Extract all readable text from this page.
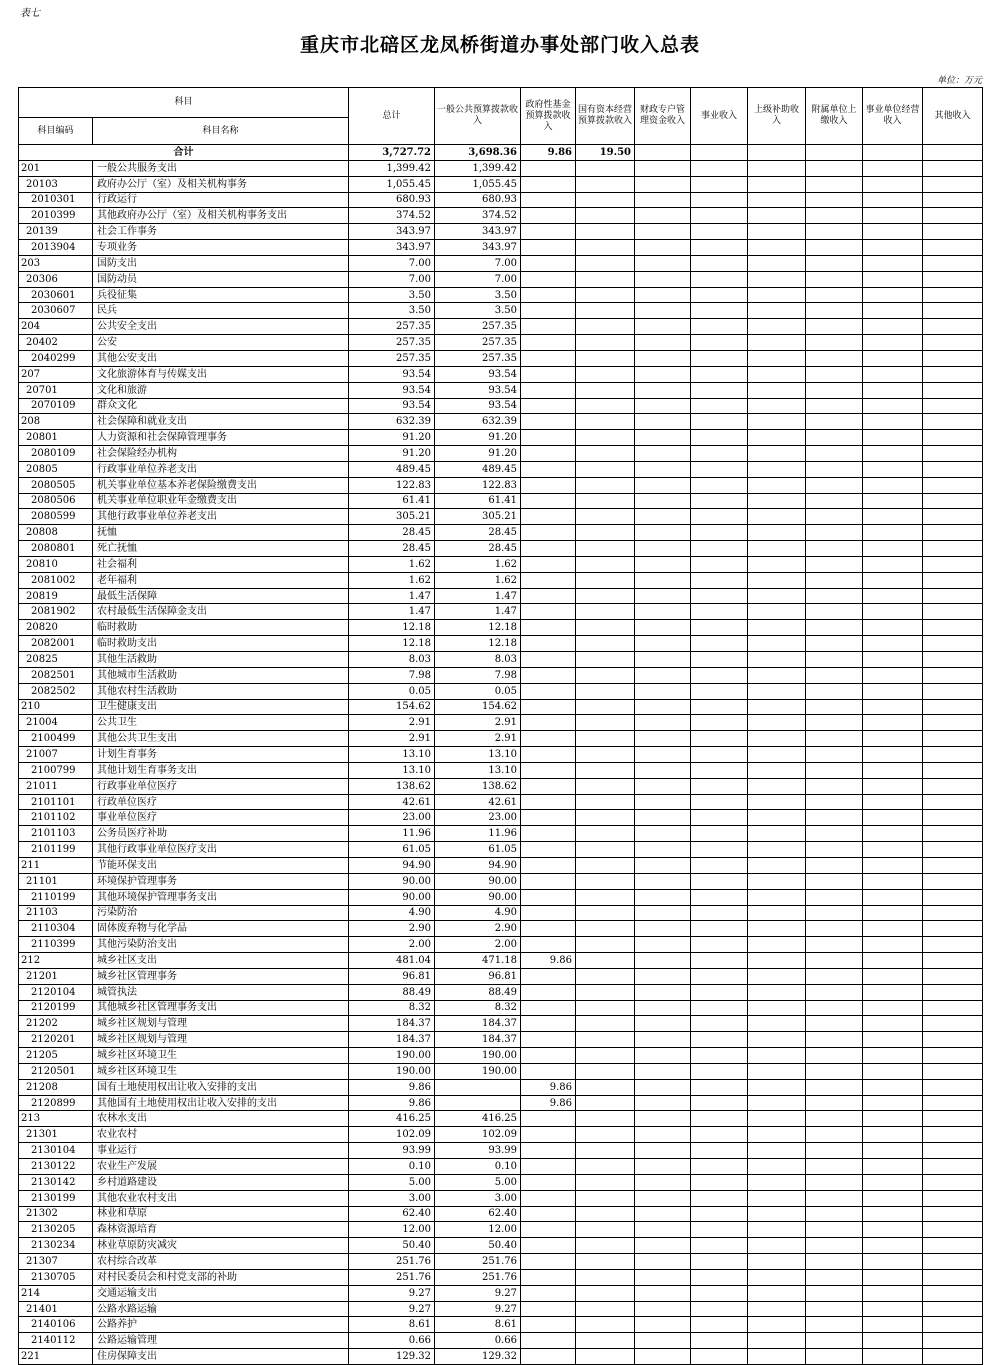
表七
重庆市北碚区龙凤桥街道办事处部门收入总表
单位：万元
科目		总计	一般公共预算拨款收入	政府性基金预算拨款收入	国有资本经营预算拨款收入	财政专户管理资金收入	事业收入	上级补助收入	附属单位上缴收入	事业单位经营收入	其他收入
科目编码	科目名称										
合计		3,727.72	3,698.36	9.86	19.50						
201	一般公共服务支出	1,399.42	1,399.42								
20103	政府办公厅（室）及相关机构事务	1,055.45	1,055.45								
2010301	行政运行	680.93	680.93								
2010399	其他政府办公厅（室）及相关机构事务支出	374.52	374.52								
20139	社会工作事务	343.97	343.97								
2013904	专项业务	343.97	343.97								
203	国防支出	7.00	7.00								
20306	国防动员	7.00	7.00								
2030601	兵役征集	3.50	3.50								
2030607	民兵	3.50	3.50								
204	公共安全支出	257.35	257.35								
20402	公安	257.35	257.35								
2040299	其他公安支出	257.35	257.35								
207	文化旅游体育与传媒支出	93.54	93.54								
20701	文化和旅游	93.54	93.54								
2070109	群众文化	93.54	93.54								
208	社会保障和就业支出	632.39	632.39								
20801	人力资源和社会保障管理事务	91.20	91.20								
2080109	社会保险经办机构	91.20	91.20								
20805	行政事业单位养老支出	489.45	489.45								
2080505	机关事业单位基本养老保险缴费支出	122.83	122.83								
2080506	机关事业单位职业年金缴费支出	61.41	61.41								
2080599	其他行政事业单位养老支出	305.21	305.21								
20808	抚恤	28.45	28.45								
2080801	死亡抚恤	28.45	28.45								
20810	社会福利	1.62	1.62								
2081002	老年福利	1.62	1.62								
20819	最低生活保障	1.47	1.47								
2081902	农村最低生活保障金支出	1.47	1.47								
20820	临时救助	12.18	12.18								
2082001	临时救助支出	12.18	12.18								
20825	其他生活救助	8.03	8.03								
2082501	其他城市生活救助	7.98	7.98								
2082502	其他农村生活救助	0.05	0.05								
210	卫生健康支出	154.62	154.62								
21004	公共卫生	2.91	2.91								
2100499	其他公共卫生支出	2.91	2.91								
21007	计划生育事务	13.10	13.10								
2100799	其他计划生育事务支出	13.10	13.10								
21011	行政事业单位医疗	138.62	138.62								
2101101	行政单位医疗	42.61	42.61								
2101102	事业单位医疗	23.00	23.00								
2101103	公务员医疗补助	11.96	11.96								
2101199	其他行政事业单位医疗支出	61.05	61.05								
211	节能环保支出	94.90	94.90								
21101	环境保护管理事务	90.00	90.00								
2110199	其他环境保护管理事务支出	90.00	90.00								
21103	污染防治	4.90	4.90								
2110304	固体废弃物与化学品	2.90	2.90								
2110399	其他污染防治支出	2.00	2.00								
212	城乡社区支出	481.04	471.18	9.86							
21201	城乡社区管理事务	96.81	96.81								
2120104	城管执法	88.49	88.49								
2120199	其他城乡社区管理事务支出	8.32	8.32								
21202	城乡社区规划与管理	184.37	184.37								
2120201	城乡社区规划与管理	184.37	184.37								
21205	城乡社区环境卫生	190.00	190.00								
2120501	城乡社区环境卫生	190.00	190.00								
21208	国有土地使用权出让收入安排的支出	9.86		9.86							
2120899	其他国有土地使用权出让收入安排的支出	9.86		9.86							
213	农林水支出	416.25	416.25								
21301	农业农村	102.09	102.09								
2130104	事业运行	93.99	93.99								
2130122	农业生产发展	0.10	0.10								
2130142	乡村道路建设	5.00	5.00								
2130199	其他农业农村支出	3.00	3.00								
21302	林业和草原	62.40	62.40								
2130205	森林资源培育	12.00	12.00								
2130234	林业草原防灾减灾	50.40	50.40								
21307	农村综合改革	251.76	251.76								
2130705	对村民委员会和村党支部的补助	251.76	251.76								
214	交通运输支出	9.27	9.27								
21401	公路水路运输	9.27	9.27								
2140106	公路养护	8.61	8.61								
2140112	公路运输管理	0.66	0.66								
221	住房保障支出	129.32	129.32								
